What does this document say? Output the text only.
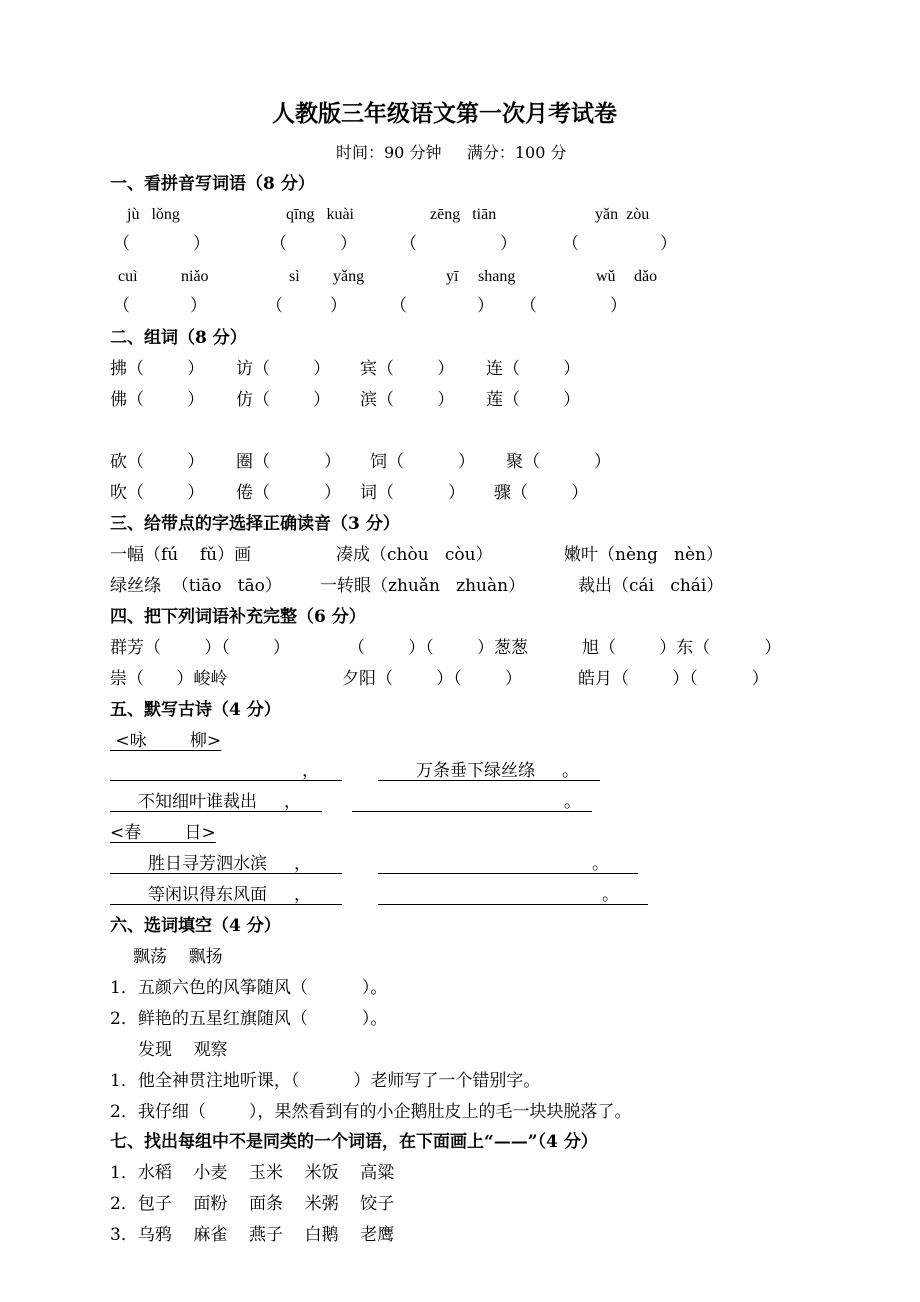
人教版三年级语文第一次月考试卷
时间：90 分钟     满分：100 分
一、看拼音写词语（8 分）
jù   lǒng	qīng   kuài	zēng   tiān	yǎn  zòu
（	）	（	）	（	）	（	）
cuì	niǎo	sì yǎng	yī shang	wǔ dǎo
（	）	（	）	（	） （	）
二、组词（8 分）
拂（        ） 访（        ） 宾（        ） 连（        ）
佛（        ） 仿（        ） 滨（        ） 莲（        ）
砍（        ） 圈（          ） 饲（          ） 聚（          ）
吹（        ） 倦（          ） 词（          ） 骤（        ）
三、给带点的字选择正确读音（3 分）
一幅（fú    fǔ）画	凑成（chòu   còu）	嫩叶（nèng   nèn）
绿丝绦  （tiāo   tāo） 一转眼（zhuǎn   zhuàn）	裁出（cái   chái）
四、把下列词语补充完整（6 分）
群芳（        ）（        ）	（        ）（        ）葱葱	旭（        ）东（          ）
崇（      ）峻岭	夕阳（        ）（        ）	皓月（        ）（          ）
五、默写古诗（4 分）
<咏        柳>
，	万条垂下绿丝绦     。
不知细叶谁裁出     ，	。
<春        日>
胜日寻芳泗水滨     ，	。
等闲识得东风面     ，	。
六、选词填空（4 分）
飘荡    飘扬
1．五颜六色的风筝随风（          ）。
2．鲜艳的五星红旗随风（          ）。
发现    观察
1．他全神贯注地听课，（          ）老师写了一个错别字。
2．我仔细（        ），果然看到有的小企鹅肚皮上的毛一块块脱落了。
七、找出每组中不是同类的一个词语，在下面画上“——”（4 分）
1．水稻    小麦    玉米    米饭    高粱
2．包子    面粉    面条    米粥    饺子
3．乌鸦    麻雀    燕子    白鹅    老鹰
